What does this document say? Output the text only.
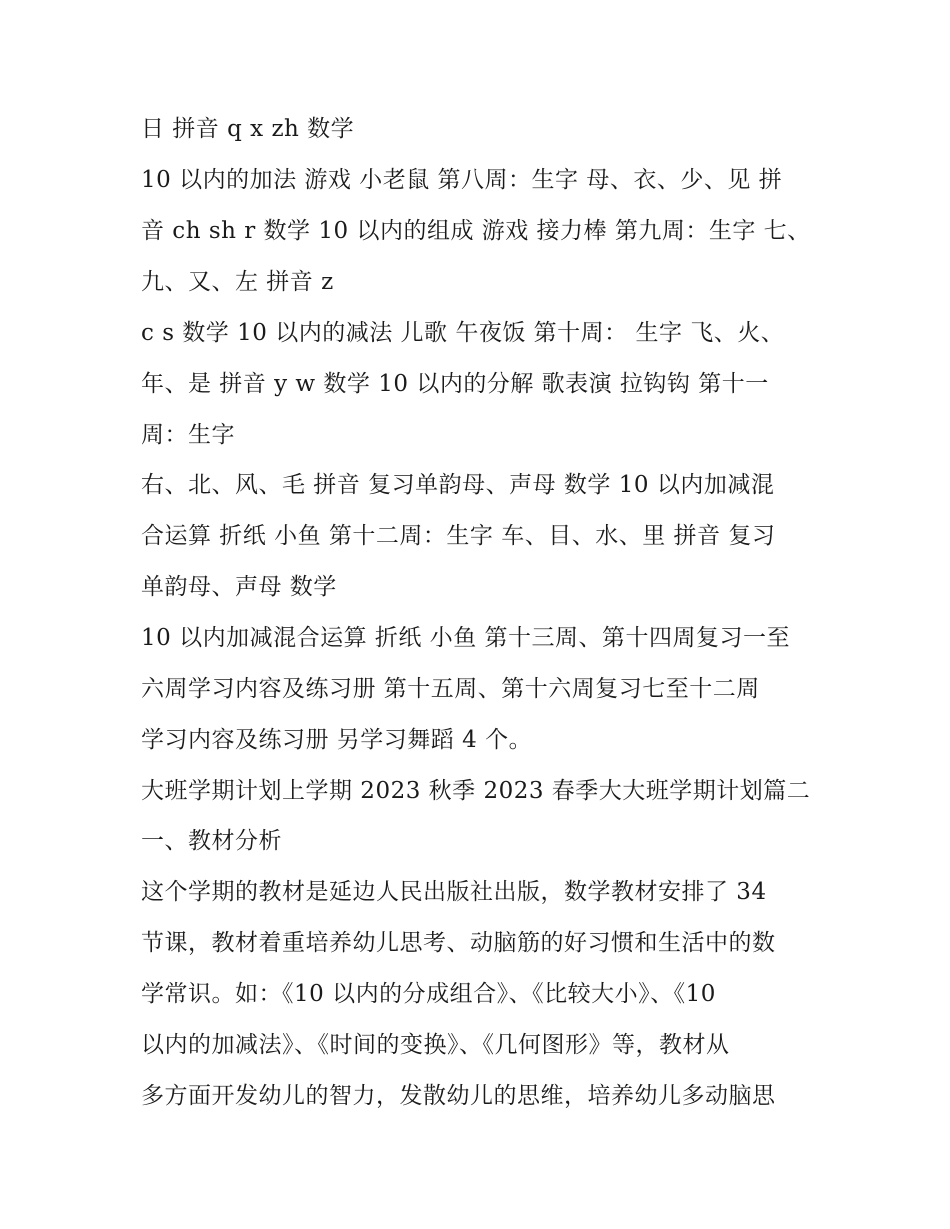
日 拼音 q x zh 数学
10 以内的加法 游戏 小老鼠 第八周：生字 母、衣、少、见 拼
音 ch sh r 数学 10 以内的组成 游戏 接力棒 第九周：生字 七、
九、又、左 拼音 z
c s 数学 10 以内的减法 儿歌 午夜饭 第十周： 生字 飞、火、
年、是 拼音 y w 数学 10 以内的分解 歌表演 拉钩钩 第十一
周：生字
右、北、风、毛 拼音 复习单韵母、声母 数学 10 以内加减混
合运算 折纸 小鱼 第十二周：生字 车、目、水、里 拼音 复习
单韵母、声母 数学
10 以内加减混合运算 折纸 小鱼 第十三周、第十四周复习一至
六周学习内容及练习册 第十五周、第十六周复习七至十二周
学习内容及练习册 另学习舞蹈 4 个。
大班学期计划上学期 2023 秋季 2023 春季大大班学期计划篇二
一、教材分析
这个学期的教材是延边人民出版社出版，数学教材安排了 34
节课，教材着重培养幼儿思考、动脑筋的好习惯和生活中的数
学常识。如：《10 以内的分成组合》、《比较大小》、《10
以内的加减法》、《时间的变换》、《几何图形》等，教材从
多方面开发幼儿的智力，发散幼儿的思维，培养幼儿多动脑思
